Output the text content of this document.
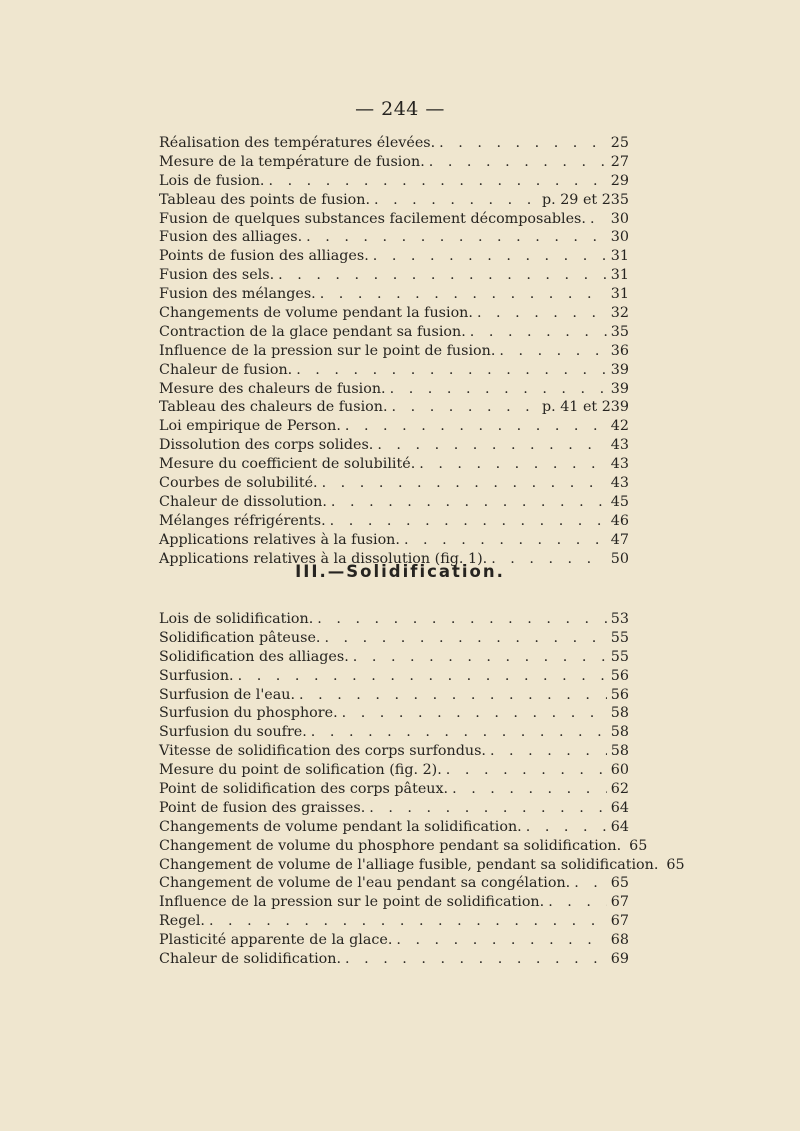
— 244 —
Réalisation des températures élevées. . . .	25
Mesure de la température de fusion. . . .	27
Lois de fusion. . . .	29
Tableau des points de fusion. . . .	p. 29 et 235
Fusion de quelques substances facilement décomposables. . . . 30
Fusion des alliages. . . .	30
Points de fusion des alliages. . . .	31
Fusion des sels. . . .	31
Fusion des mélanges. . . .	31
Changements de volume pendant la fusion. . . .	32
Contraction de la glace pendant sa fusion. . . .	35
Influence de la pression sur le point de fusion. . . .	36
Chaleur de fusion. . . .	39
Mesure des chaleurs de fusion. . . .	39
Tableau des chaleurs de fusion. . . .	p. 41 et 239
Loi empirique de Person. . . .	42
Dissolution des corps solides. . . .	43
Mesure du coefficient de solubilité. . . .	43
Courbes de solubilité. . . .	43
Chaleur de dissolution. . . .	45
Mélanges réfrigérents. . . .	46
Applications relatives à la fusion. . . .	47
Applications relatives à la dissolution (fig. 1). . . .	50
III.—Solidification.
Lois de solidification. . . .	53
Solidification pâteuse. . . .	55
Solidification des alliages. . . .	55
Surfusion. . . .	56
Surfusion de l'eau. . . .	56
Surfusion du phosphore. . . .	58
Surfusion du soufre. . . .	58
Vitesse de solidification des corps surfondus. . . .	58
Mesure du point de solification (fig. 2). . . .	60
Point de solidification des corps pâteux. . . .	62
Point de fusion des graisses. . . .	64
Changements de volume pendant la solidification. . . .	64
Changement de volume du phosphore pendant sa solidification. 65
Changement de volume de l'alliage fusible, pendant sa solidification. 65
Changement de volume de l'eau pendant sa congélation. . . .	65
Influence de la pression sur le point de solidification. . . .	67
Regel. . . .	67
Plasticité apparente de la glace. . . .	68
Chaleur de solidification. . . .	69
